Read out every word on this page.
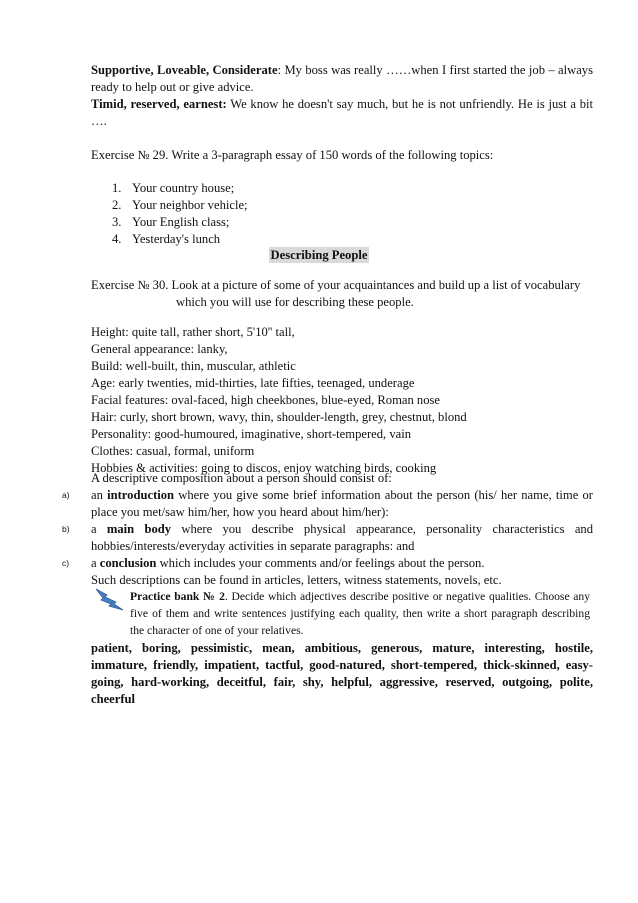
Supportive, Loveable, Considerate: My boss was really ……when I first started the job – always ready to help out or give advice.
Timid, reserved, earnest: We know he doesn't say much, but he is not unfriendly. He is just a bit ….
Exercise № 29. Write a 3-paragraph essay of 150 words of the following topics:
1. Your country house;
2. Your neighbor vehicle;
3. Your English class;
4. Yesterday's lunch
Describing People
Exercise № 30. Look at a picture of some of your acquaintances and build up a list of vocabulary
which you will use for describing these people.

Height: quite tall, rather short, 5'10'' tall,

General appearance: lanky,

Build: well-built, thin, muscular, athletic

Age: early twenties, mid-thirties, late fifties, teenaged, underage

Facial features: oval-faced, high cheekbones, blue-eyed, Roman nose

Hair: curly, short brown, wavy, thin, shoulder-length, grey, chestnut, blond

Personality: good-humoured, imaginative, short-tempered, vain

Clothes: casual, formal, uniform

Hobbies & activities: going to discos, enjoy watching birds, cooking

A descriptive composition about a person should consist of:
a) an introduction where you give some brief information about the person (his/ her name, time or place you met/saw him/her, how you heard about him/her):
b) a main body where you describe physical appearance, personality characteristics and hobbies/interests/everyday activities in separate paragraphs: and
c) a conclusion which includes your comments and/or feelings about the person.
Such descriptions can be found in articles, letters, witness statements, novels, etc.
Practice bank № 2. Decide which adjectives describe positive or negative qualities. Choose any five of them and write sentences justifying each quality, then write a short paragraph describing the character of one of your relatives.
patient, boring, pessimistic, mean, ambitious, generous, mature, interesting, hostile, immature, friendly, impatient, tactful, good-natured, short-tempered, thick-skinned, easy-going, hard-working, deceitful, fair, shy, helpful, aggressive, reserved, outgoing, polite, cheerful
